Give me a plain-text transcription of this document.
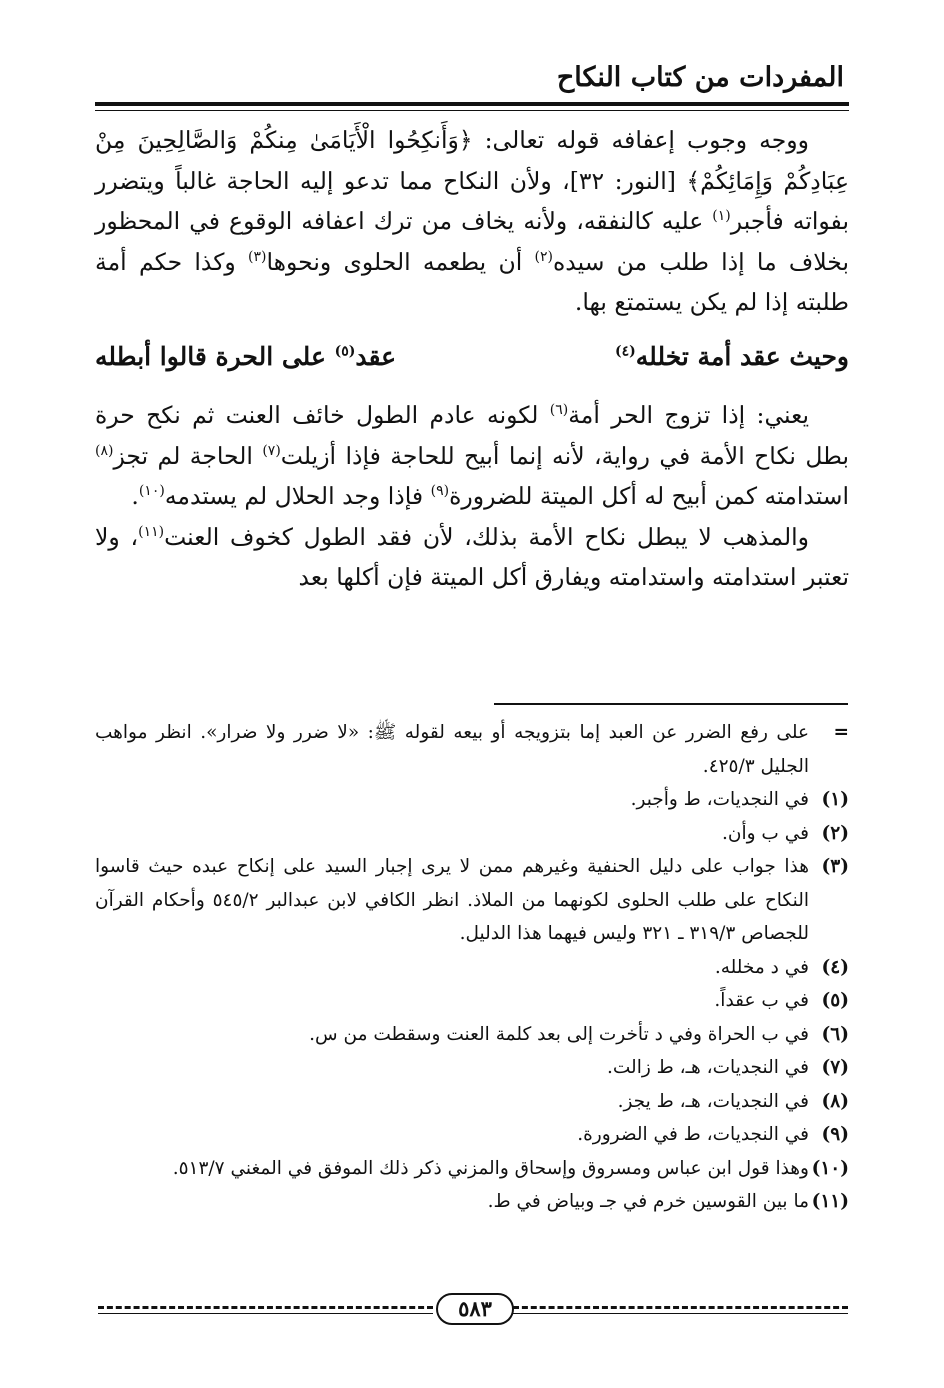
المفردات من كتاب النكاح

ووجه وجوب إعفافه قوله تعالى: ﴿وَأَنكِحُوا الْأَيَامَىٰ مِنكُمْ وَالصَّالِحِينَ مِنْ عِبَادِكُمْ وَإِمَائِكُمْ﴾ [النور: ٣٢]، ولأن النكاح مما تدعو إليه الحاجة غالباً ويتضرر بفواته فأجبر$^{(١)}$ عليه كالنفقه، ولأنه يخاف من ترك اعفافه الوقوع في المحظور بخلاف ما إذا طلب من سيده$^{(٢)}$ أن يطعمه الحلوى ونحوها$^{(٣)}$ وكذا حكم أمة طلبته إذا لم يكن يستمتع بها.

وحيث عقد أمة تخلله$^{(٤)}$
عقد$^{(٥)}$ على الحرة قالوا أبطله

يعني: إذا تزوج الحر أمة$^{(٦)}$ لكونه عادم الطول خائف العنت ثم نكح حرة بطل نكاح الأمة في رواية، لأنه إنما أبيح للحاجة فإذا أزيلت$^{(٧)}$ الحاجة لم تجز$^{(٨)}$ استدامته كمن أبيح له أكل الميتة للضرورة$^{(٩)}$ فإذا وجد الحلال لم يستدمه$^{(١٠)}$.

والمذهب لا يبطل نكاح الأمة بذلك، لأن فقد الطول كخوف العنت$^{(١١)}$، ولا تعتبر استدامته واستدامته ويفارق أكل الميتة فإن أكلها بعد

=
على رفع الضرر عن العبد إما بتزويجه أو بيعه لقوله ﷺ: «لا ضرر ولا ضرار». انظر مواهب الجليل ٤٢٥/٣.
(١)
في النجديات، ط وأجبر.
(٢)
في ب وأن.
(٣)
هذا جواب على دليل الحنفية وغيرهم ممن لا يرى إجبار السيد على إنكاح عبده حيث قاسوا النكاح على طلب الحلوى لكونهما من الملاذ. انظر الكافي لابن عبدالبر ٥٤٥/٢ وأحكام القرآن للجصاص ٣١٩/٣ ـ ٣٢١ وليس فيهما هذا الدليل.
(٤)
في د مخلله.
(٥)
في ب عقداً.
(٦)
في ب الحراة وفي د تأخرت إلى بعد كلمة العنت وسقطت من س.
(٧)
في النجديات، هـ، ط زالت.
(٨)
في النجديات، هـ، ط يجز.
(٩)
في النجديات، ط في الضرورة.
(١٠)
وهذا قول ابن عباس ومسروق وإسحاق والمزني ذكر ذلك الموفق في المغني ٥١٣/٧.
(١١)
ما بين القوسين خرم في جـ وبياض في ط.
٥٨٣
